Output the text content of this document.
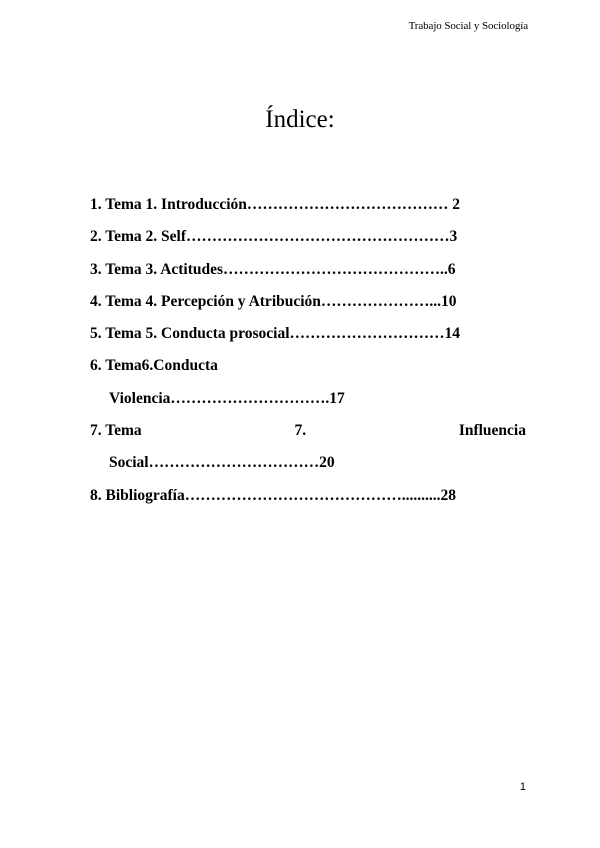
Trabajo Social y Sociología
Índice:
1. Tema 1. Introducción………………………………… 2
2. Tema 2. Self……………………………………………3
3. Tema 3. Actitudes……………………………………..6
4. Tema 4. Percepción y Atribución…………………...10
5. Tema 5. Conducta prosocial…………………………14
6. Tema6.Conducta
Violencia………………………….17
7. Tema	7.	Influencia
Social……………………………20
8. Bibliografía……………………………………..........28
1
